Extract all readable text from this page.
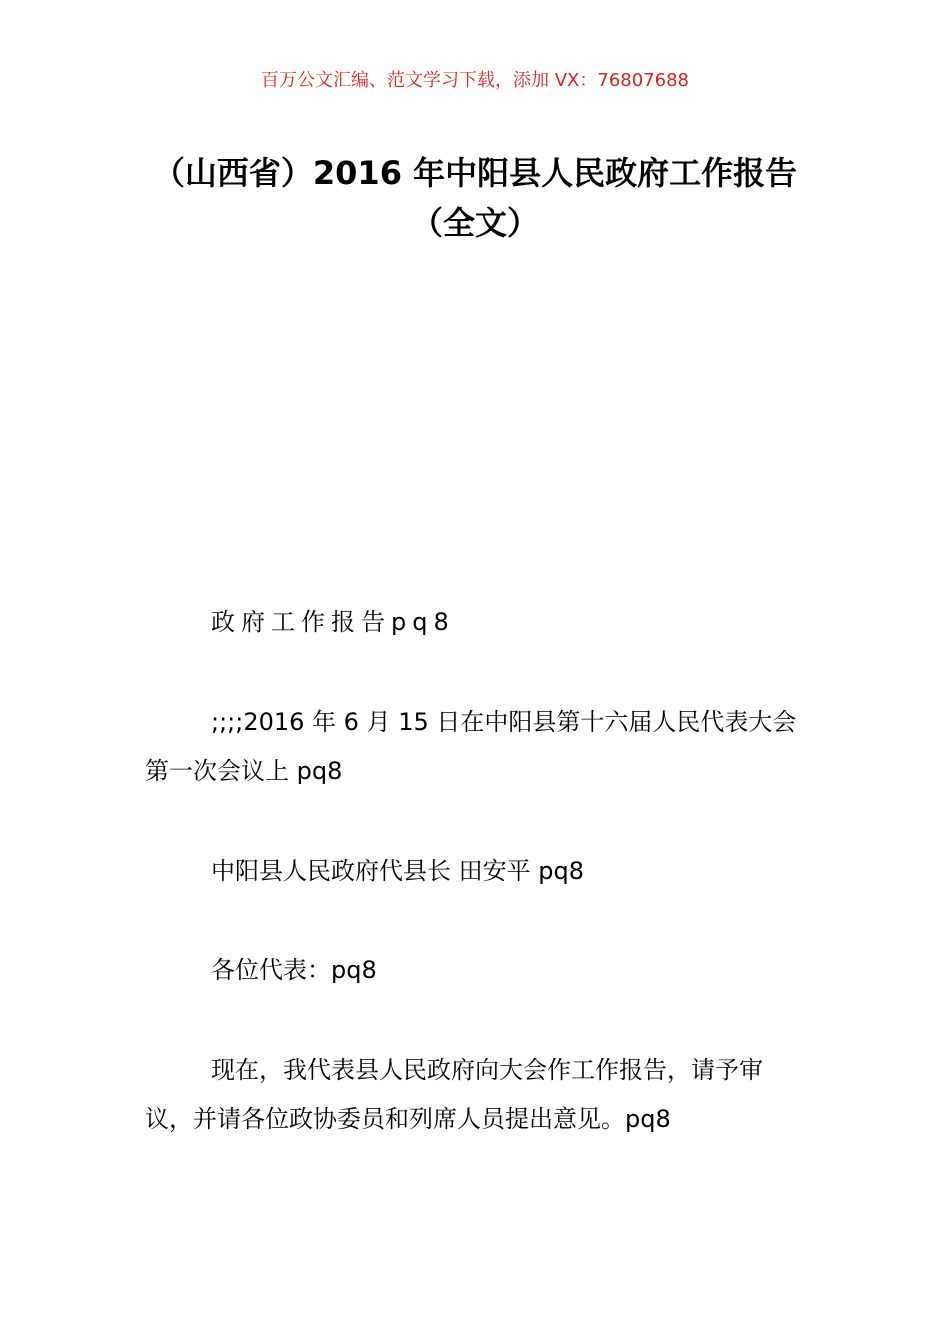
百万公文汇编、范文学习下载，添加 VX：76807688
（山西省）2016 年中阳县人民政府工作报告（全文）
政府工作报告pq8
;;;;2016 年 6 月 15 日在中阳县第十六届人民代表大会第一次会议上 pq8
中阳县人民政府代县长 田安平 pq8
各位代表：pq8
现在，我代表县人民政府向大会作工作报告，请予审议，并请各位政协委员和列席人员提出意见。pq8
